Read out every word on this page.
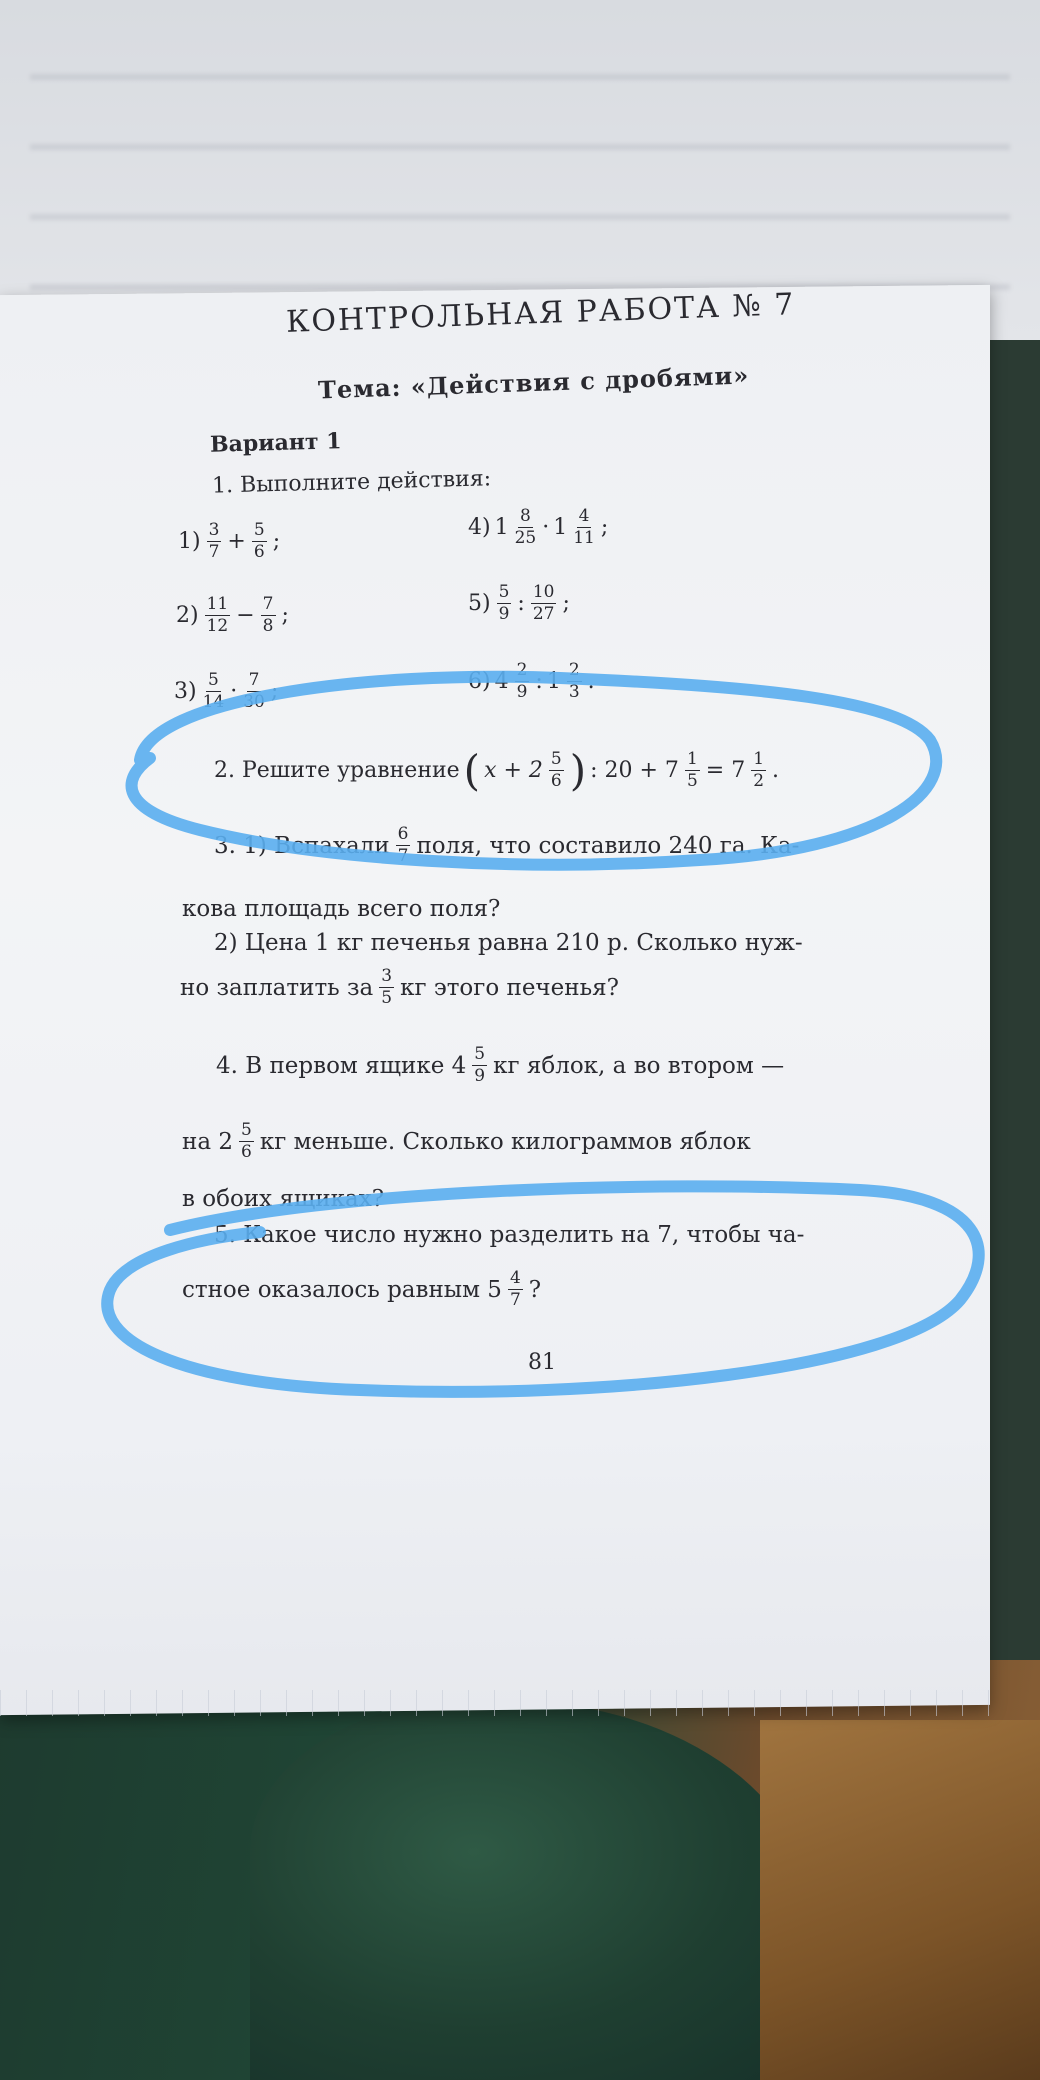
КОНТРОЛЬНАЯ РАБОТА № 7
Тема: «Действия с дробями»
Вариант 1
1. Выполните действия:
$1) \frac{3}{7} + \frac{5}{6}$ ;
$2) \frac{11}{12} - \frac{7}{8}$ ;
$3) \frac{5}{14} \cdot \frac{7}{30}$ ;
4) $1 \frac{8}{25} \cdot 1 \frac{4}{11}$ ;
$5) \frac{5}{9}$ : $\frac{10}{27}$ ;
6) $4 \frac{2}{9}$ : $1 \frac{2}{3}$ .
2. Решите уравнение ( $x + 2 \frac{5}{6}$ ) : $20 + 7 \frac{1}{5} = 7 \frac{1}{2}$ .
3. 1) Вспахали $\frac{6}{7}$ поля, что составило 240 га. Ка-
кова площадь всего поля?
2) Цена 1 кг печенья равна 210 р. Сколько нуж-
но заплатить за $\frac{3}{5}$ кг этого печенья?
4. В первом ящике $4 \frac{5}{9}$ кг яблок, а во втором —
на $2 \frac{5}{6}$ кг меньше. Сколько килограммов яблок
в обоих ящиках?
5. Какое число нужно разделить на 7, чтобы ча-
стное оказалось равным $5 \frac{4}{7}$ ?
81
